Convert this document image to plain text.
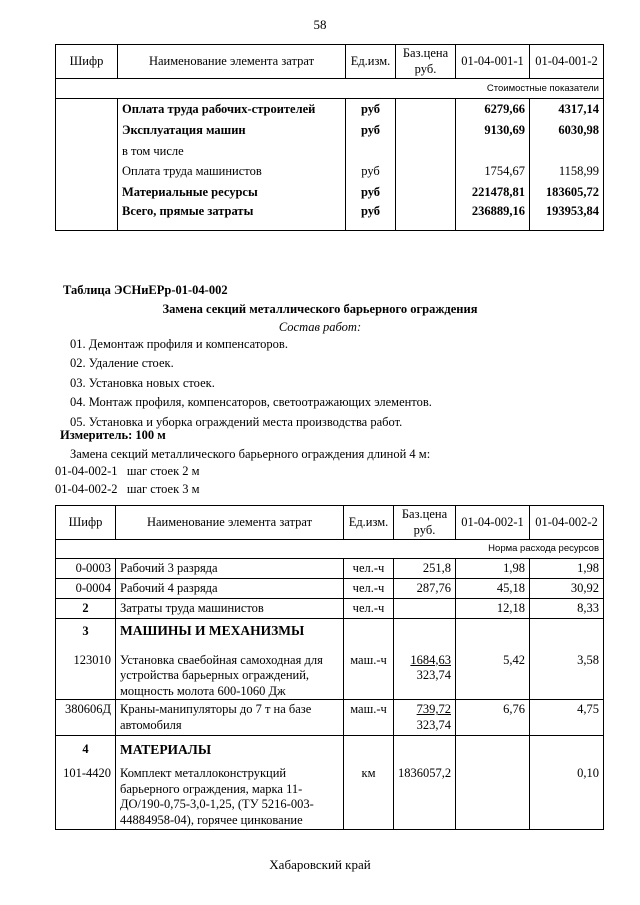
58
Шифр	Наименование элемента затрат	Ед.изм.	Баз.цена руб.	01-04-001-1	01-04-001-2
Стоимостные показатели					
	Оплата труда рабочих-строителей	руб		6279,66	4317,14
	Эксплуатация машин	руб		9130,69	6030,98
	в том числе				
	Оплата труда машинистов	руб		1754,67	1158,99
	Материальные ресурсы	руб		221478,81	183605,72
	Всего, прямые затраты	руб		236889,16	193953,84
Таблица ЭСНиЕРр-01-04-002
Замена секций металлического барьерного ограждения
Состав работ:
01. Демонтаж профиля и компенсаторов.
02. Удаление стоек.
03. Установка новых стоек.
04. Монтаж профиля, компенсаторов, светоотражающих элементов.
05. Установка и уборка ограждений места производства работ.
Измеритель: 100 м
Замена секций металлического барьерного ограждения длиной 4 м:
01-04-002-1 шаг стоек 2 м
01-04-002-2 шаг стоек 3 м
Шифр	Наименование элемента затрат	Ед.изм.	Баз.цена руб.	01-04-002-1	01-04-002-2
Норма расхода ресурсов					
0-0003	Рабочий 3 разряда	чел.-ч	251,8	1,98	1,98
0-0004	Рабочий 4 разряда	чел.-ч	287,76	45,18	30,92
2	Затраты труда машинистов	чел.-ч		12,18	8,33
3	МАШИНЫ И МЕХАНИЗМЫ				
123010	Установка сваебойная самоходная для устройства барьерных ограждений, мощность молота 600-1060 Дж	маш.-ч	$\frac{1684,63}{323,74}$	5,42	3,58
380606Д	Краны-манипуляторы до 7 т на базе автомобиля	маш.-ч	$\frac{739,72}{323,74}$	6,76	4,75
4	МАТЕРИАЛЫ				
101-4420	Комплект металлоконструкций барьерного ограждения, марка 11-ДО/190-0,75-3,0-1,25, (ТУ 5216-003-44884958-04), горячее цинкование	км	1836057,2		0,10
Хабаровский край
